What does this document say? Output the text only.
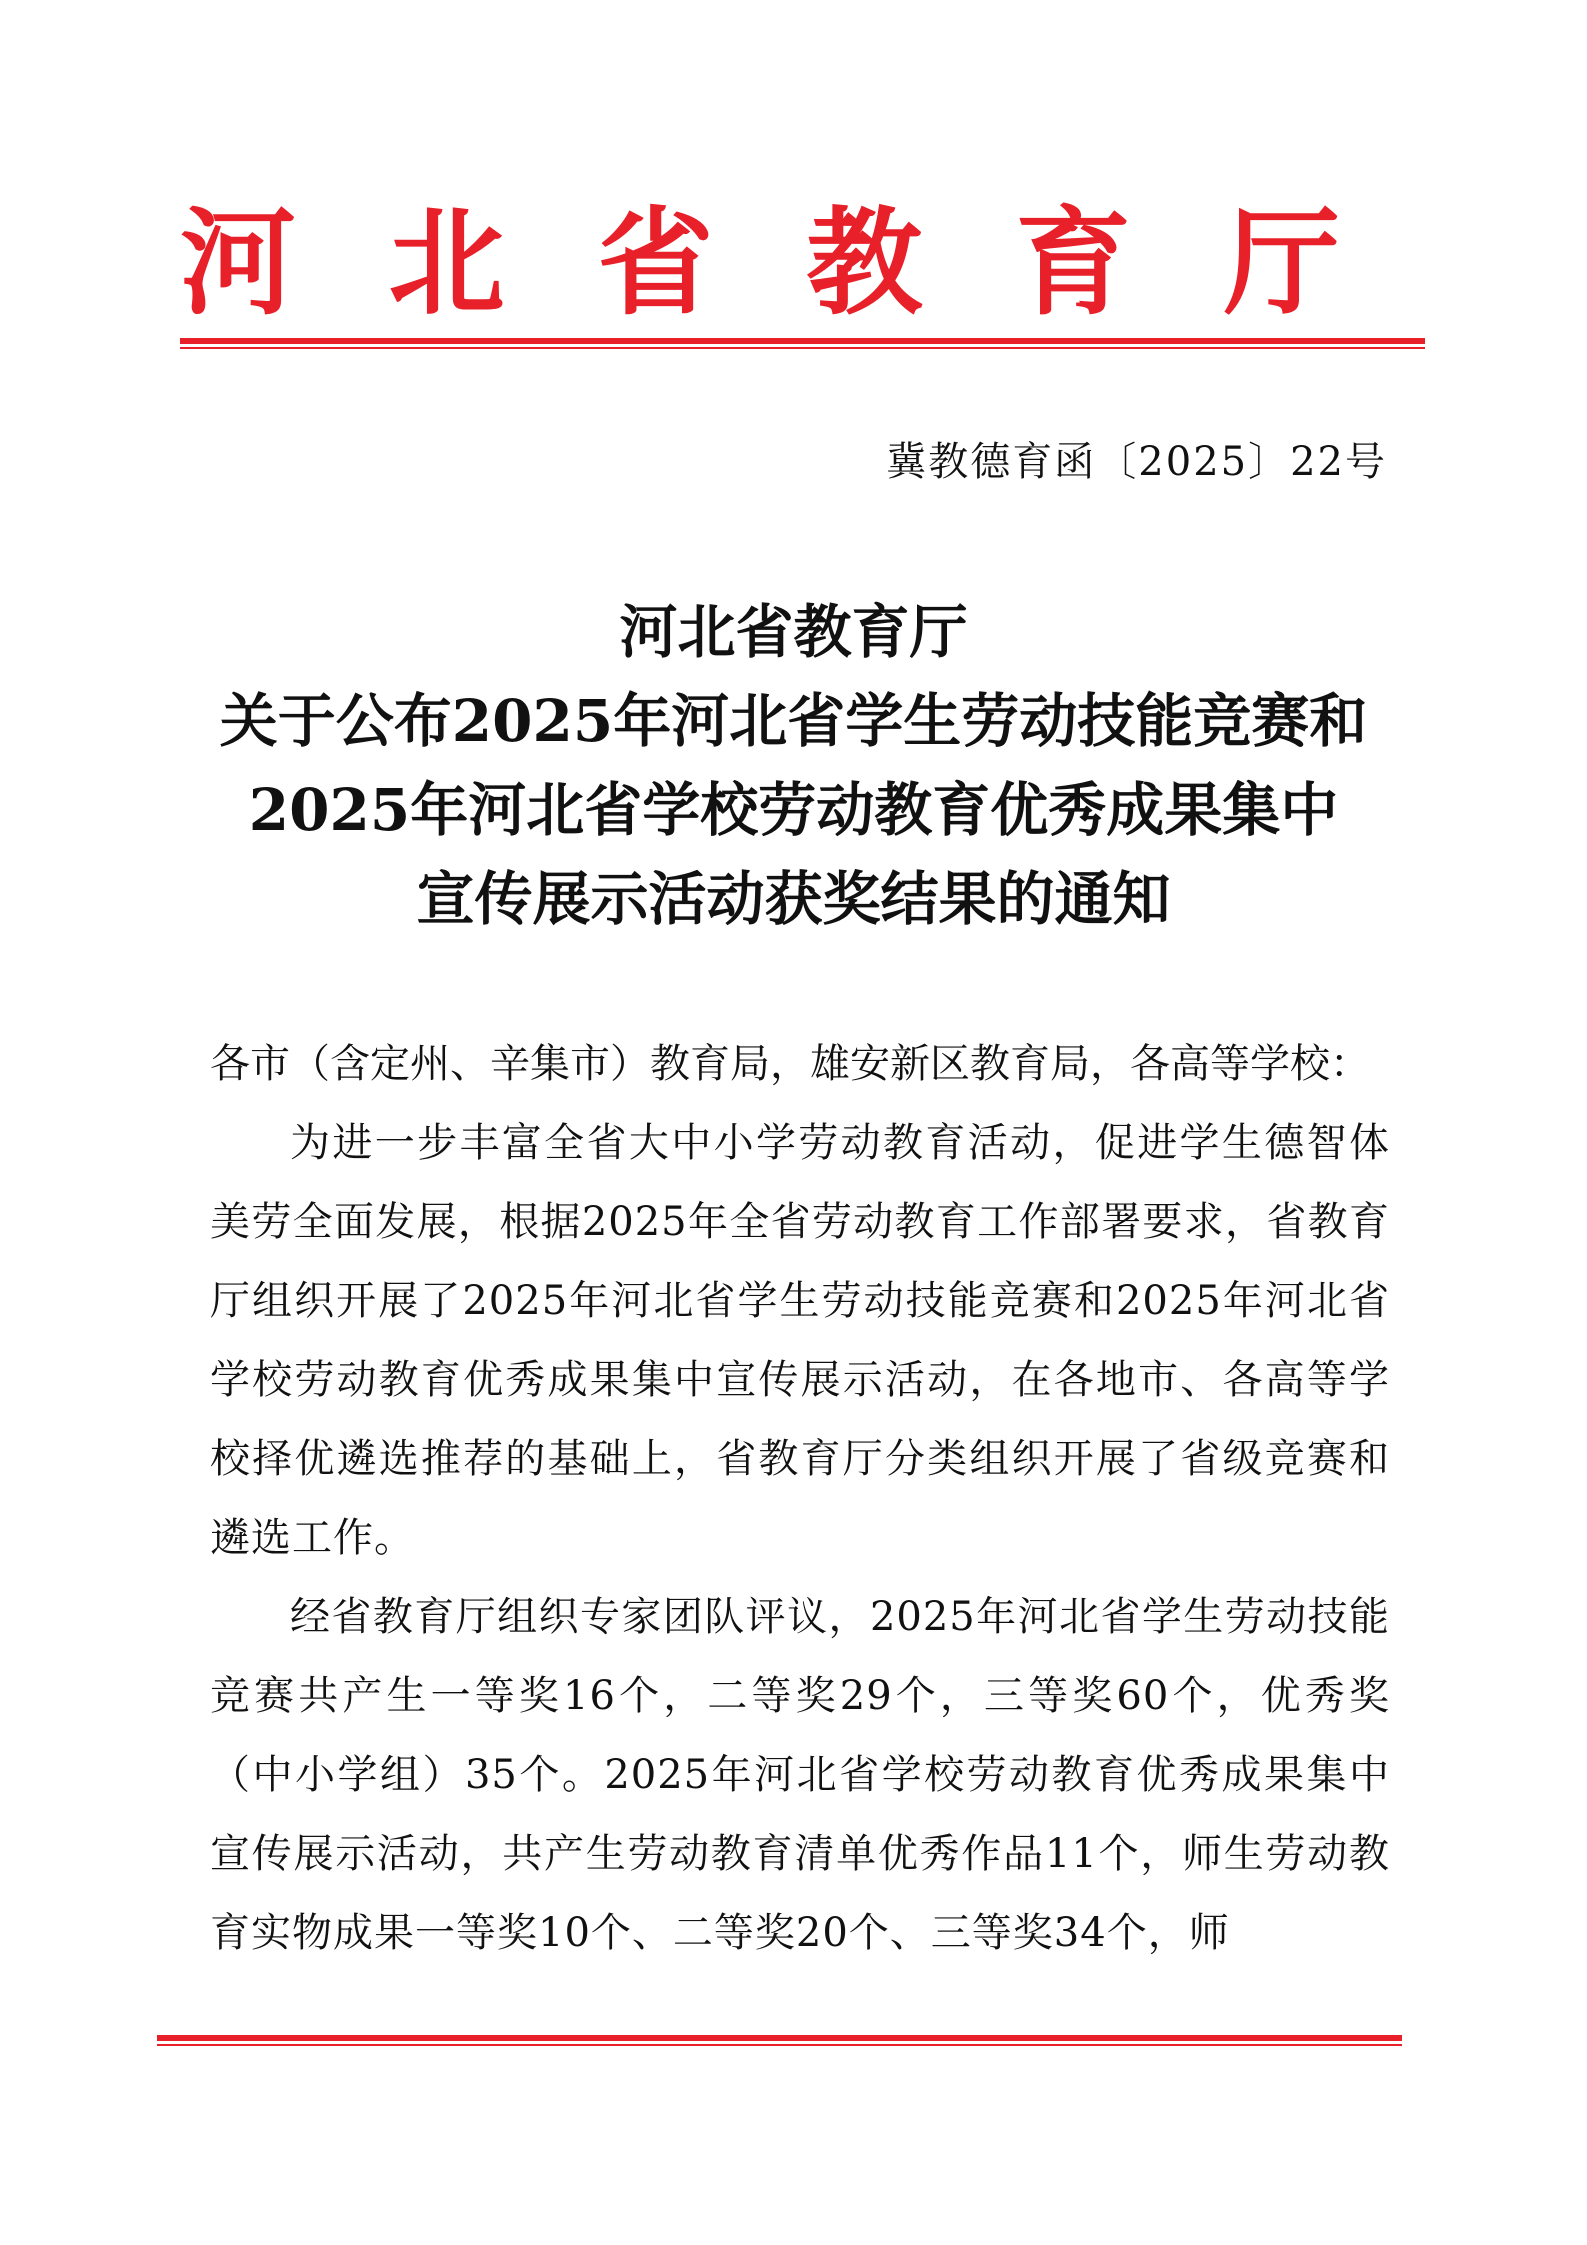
河 北 省 教 育 厅
冀教德育函〔2025〕22号
河北省教育厅
关于公布2025年河北省学生劳动技能竞赛和
2025年河北省学校劳动教育优秀成果集中
宣传展示活动获奖结果的通知

各市（含定州、辛集市）教育局，雄安新区教育局，各高等学校：

为进一步丰富全省大中小学劳动教育活动，促进学生德智体美劳全面发展，根据2025年全省劳动教育工作部署要求，省教育厅组织开展了2025年河北省学生劳动技能竞赛和2025年河北省学校劳动教育优秀成果集中宣传展示活动，在各地市、各高等学校择优遴选推荐的基础上，省教育厅分类组织开展了省级竞赛和遴选工作。

经省教育厅组织专家团队评议，2025年河北省学生劳动技能竞赛共产生一等奖16个，二等奖29个，三等奖60个，优秀奖（中小学组）35个。2025年河北省学校劳动教育优秀成果集中宣传展示活动，共产生劳动教育清单优秀作品11个，师生劳动教育实物成果一等奖10个、二等奖20个、三等奖34个，师
